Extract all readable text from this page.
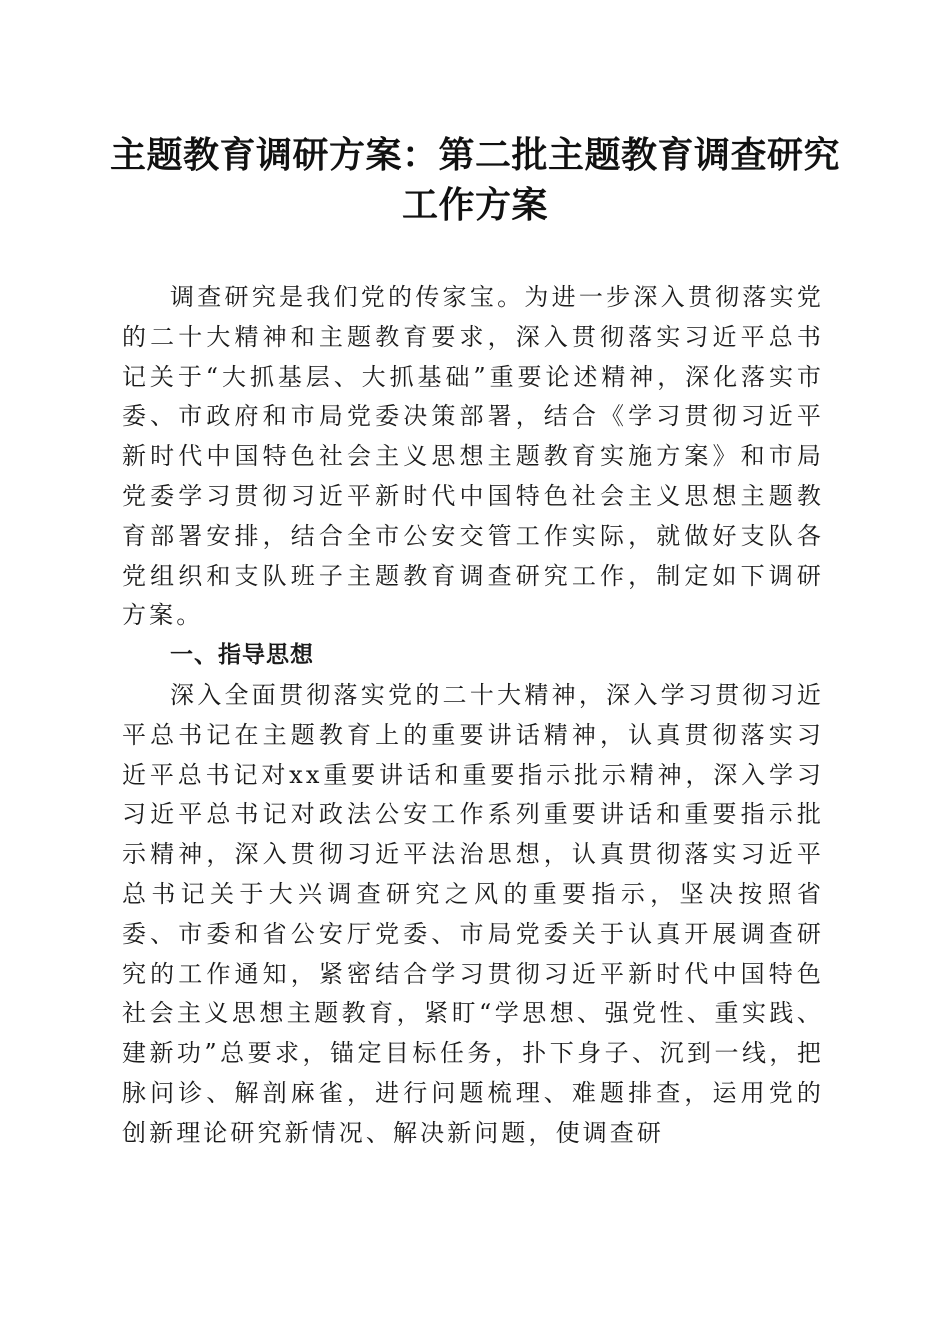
主题教育调研方案：第二批主题教育调查研究工作方案

调查研究是我们党的传家宝。为进一步深入贯彻落实党的二十大精神和主题教育要求，深入贯彻落实习近平总书记关于“大抓基层、大抓基础”重要论述精神，深化落实市委、市政府和市局党委决策部署，结合《学习贯彻习近平新时代中国特色社会主义思想主题教育实施方案》和市局党委学习贯彻习近平新时代中国特色社会主义思想主题教育部署安排，结合全市公安交管工作实际，就做好支队各党组织和支队班子主题教育调查研究工作，制定如下调研方案。

一、指导思想

深入全面贯彻落实党的二十大精神，深入学习贯彻习近平总书记在主题教育上的重要讲话精神，认真贯彻落实习近平总书记对xx重要讲话和重要指示批示精神，深入学习习近平总书记对政法公安工作系列重要讲话和重要指示批示精神，深入贯彻习近平法治思想，认真贯彻落实习近平总书记关于大兴调查研究之风的重要指示，坚决按照省委、市委和省公安厅党委、市局党委关于认真开展调查研究的工作通知，紧密结合学习贯彻习近平新时代中国特色社会主义思想主题教育，紧盯“学思想、强党性、重实践、建新功”总要求，锚定目标任务，扑下身子、沉到一线，把脉问诊、解剖麻雀，进行问题梳理、难题排查，运用党的创新理论研究新情况、解决新问题，使调查研
